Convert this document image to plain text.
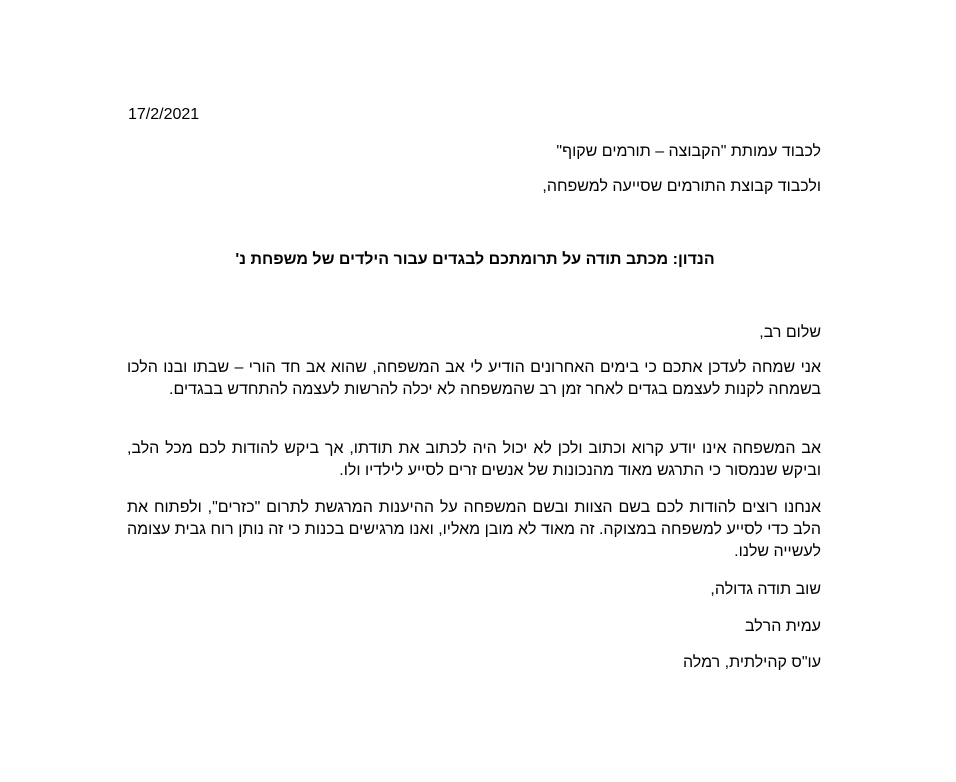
17/2/2021
לכבוד עמותת "הקבוצה – תורמים שקוף"
ולכבוד קבוצת התורמים שסייעה למשפחה,
הנדון: מכתב תודה על תרומתכם לבגדים עבור הילדים של משפחת נ'
שלום רב,
אני שמחה לעדכן אתכם כי בימים האחרונים הודיע לי אב המשפחה, שהוא אב חד הורי – שבתו ובנו הלכו בשמחה לקנות לעצמם בגדים לאחר זמן רב שהמשפחה לא יכלה להרשות לעצמה להתחדש בבגדים.
אב המשפחה אינו יודע קרוא וכתוב ולכן לא יכול היה לכתוב את תודתו, אך ביקש להודות לכם מכל הלב, וביקש שנמסור כי התרגש מאוד מהנכונות של אנשים זרים לסייע לילדיו ולו.
אנחנו רוצים להודות לכם בשם הצוות ובשם המשפחה על ההיענות המרגשת לתרום "כזרים", ולפתוח את הלב כדי לסייע למשפחה במצוקה. זה מאוד לא מובן מאליו, ואנו מרגישים בכנות כי זה נותן רוח גבית עצומה לעשייה שלנו.
שוב תודה גדולה,
עמית הרלב
עו"ס קהילתית, רמלה
